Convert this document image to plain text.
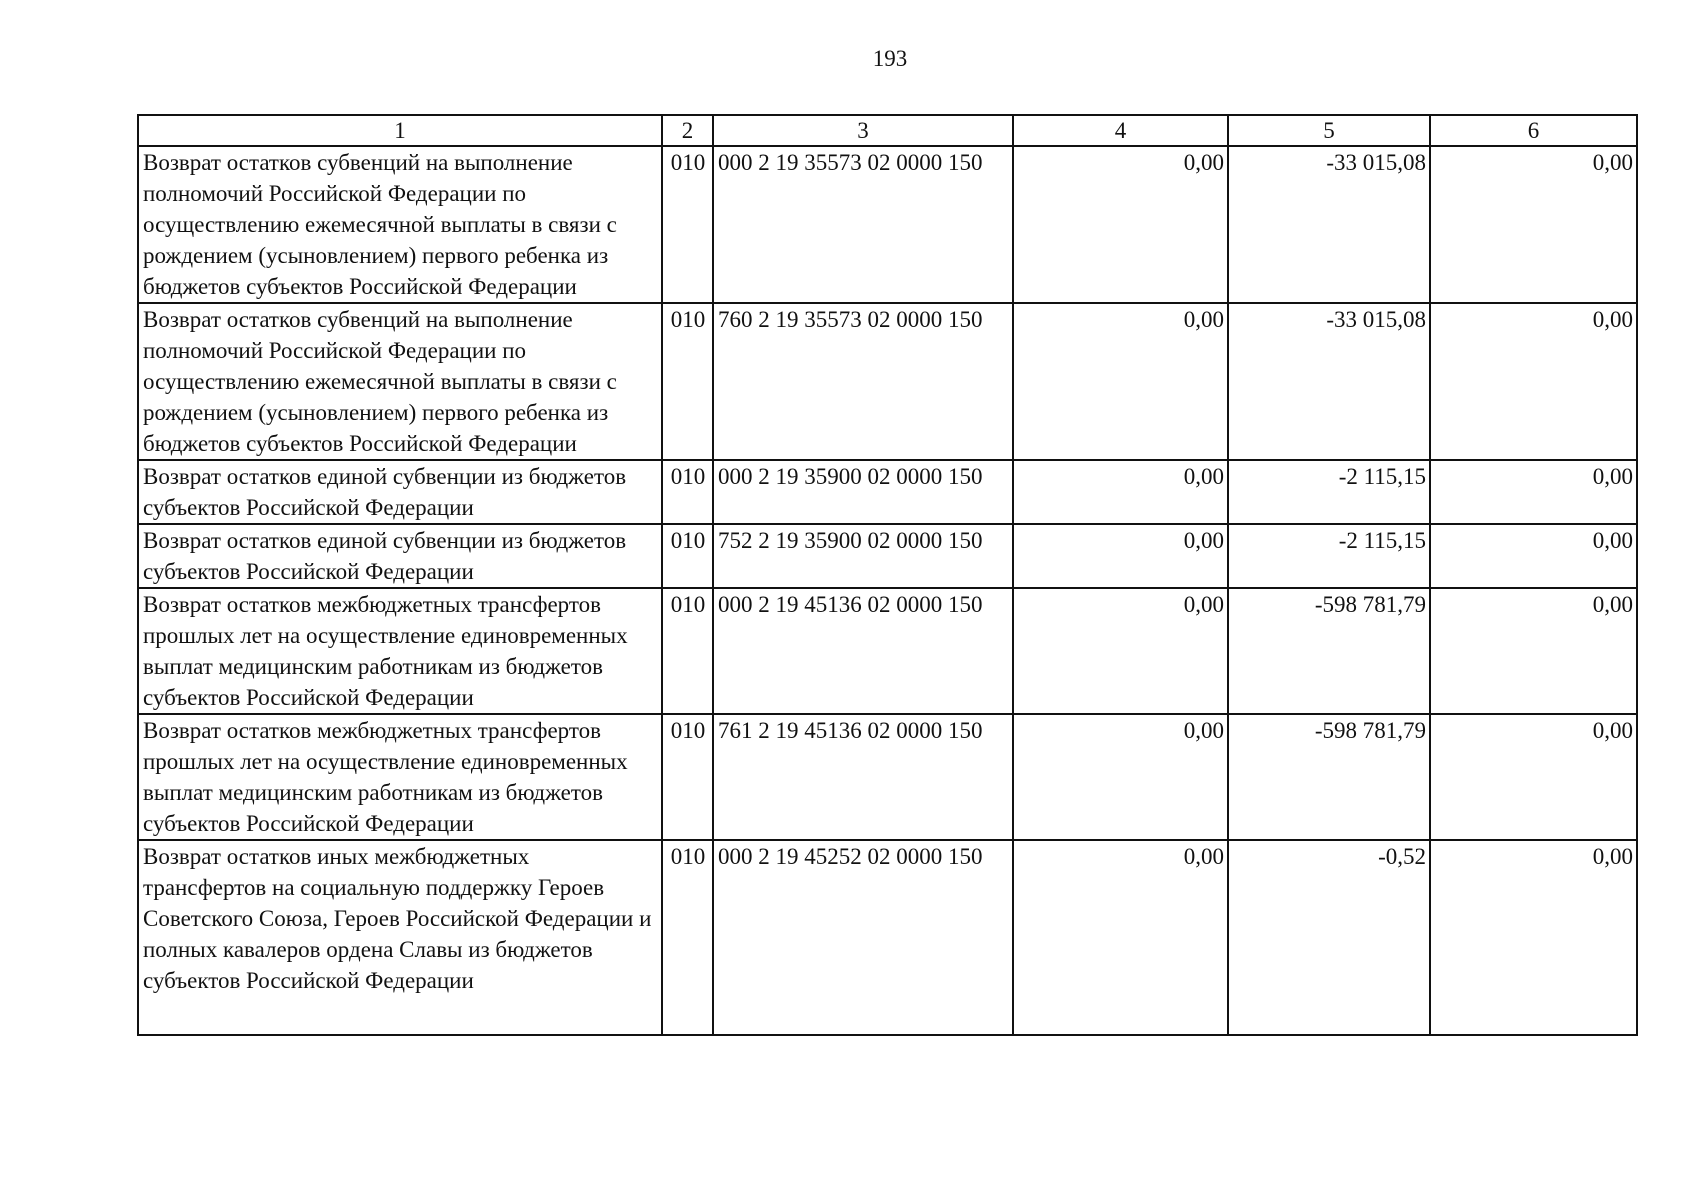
193
1	2	3	4	5	6
Возврат остатков субвенций на выполнение полномочий Российской Федерации по осуществлению ежемесячной выплаты в связи с рождением (усыновлением) первого ребенка из бюджетов субъектов Российской Федерации	010	000 2 19 35573 02 0000 150	0,00	-33 015,08	0,00
Возврат остатков субвенций на выполнение полномочий Российской Федерации по осуществлению ежемесячной выплаты в связи с рождением (усыновлением) первого ребенка из бюджетов субъектов Российской Федерации	010	760 2 19 35573 02 0000 150	0,00	-33 015,08	0,00
Возврат остатков единой субвенции из бюджетов субъектов Российской Федерации	010	000 2 19 35900 02 0000 150	0,00	-2 115,15	0,00
Возврат остатков единой субвенции из бюджетов субъектов Российской Федерации	010	752 2 19 35900 02 0000 150	0,00	-2 115,15	0,00
Возврат остатков межбюджетных трансфертов прошлых лет на осуществление единовременных выплат медицинским работникам из бюджетов субъектов Российской Федерации	010	000 2 19 45136 02 0000 150	0,00	-598 781,79	0,00
Возврат остатков межбюджетных трансфертов прошлых лет на осуществление единовременных выплат медицинским работникам из бюджетов субъектов Российской Федерации	010	761 2 19 45136 02 0000 150	0,00	-598 781,79	0,00
Возврат остатков иных межбюджетных трансфертов на социальную поддержку Героев Советского Союза, Героев Российской Федерации и полных кавалеров ордена Славы из бюджетов субъектов Российской Федерации	010	000 2 19 45252 02 0000 150	0,00	-0,52	0,00
